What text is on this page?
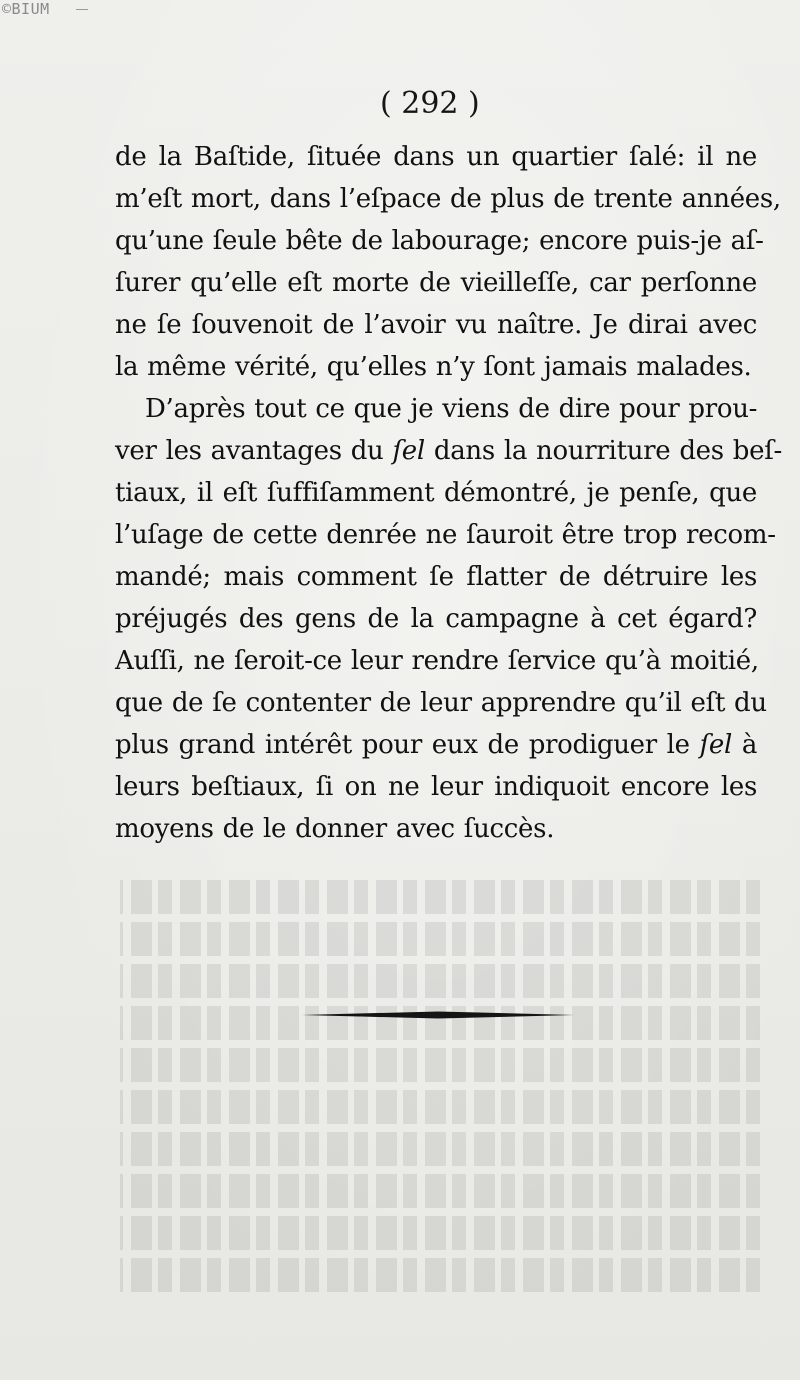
©BIUM
( 292 )
de la Baſtide, ſituée dans un quartier ſalé: il ne
m’eſt mort, dans l’eſpace de plus de trente années,
qu’une ſeule bête de labourage; encore puis-je aſ-
ſurer qu’elle eſt morte de vieilleſſe, car perſonne
ne ſe ſouvenoit de l’avoir vu naître. Je dirai avec
la même vérité, qu’elles n’y ſont jamais malades.
D’après tout ce que je viens de dire pour prou-
ver les avantages du ſel dans la nourriture des beſ-
tiaux, il eſt ſuffiſamment démontré, je penſe, que
l’uſage de cette denrée ne ſauroit être trop recom-
mandé; mais comment ſe flatter de détruire les
préjugés des gens de la campagne à cet égard?
Auſſi, ne ſeroit-ce leur rendre ſervice qu’à moitié,
que de ſe contenter de leur apprendre qu’il eſt du
plus grand intérêt pour eux de prodiguer le ſel à
leurs beſtiaux, ſi on ne leur indiquoit encore les
moyens de le donner avec ſuccès.
